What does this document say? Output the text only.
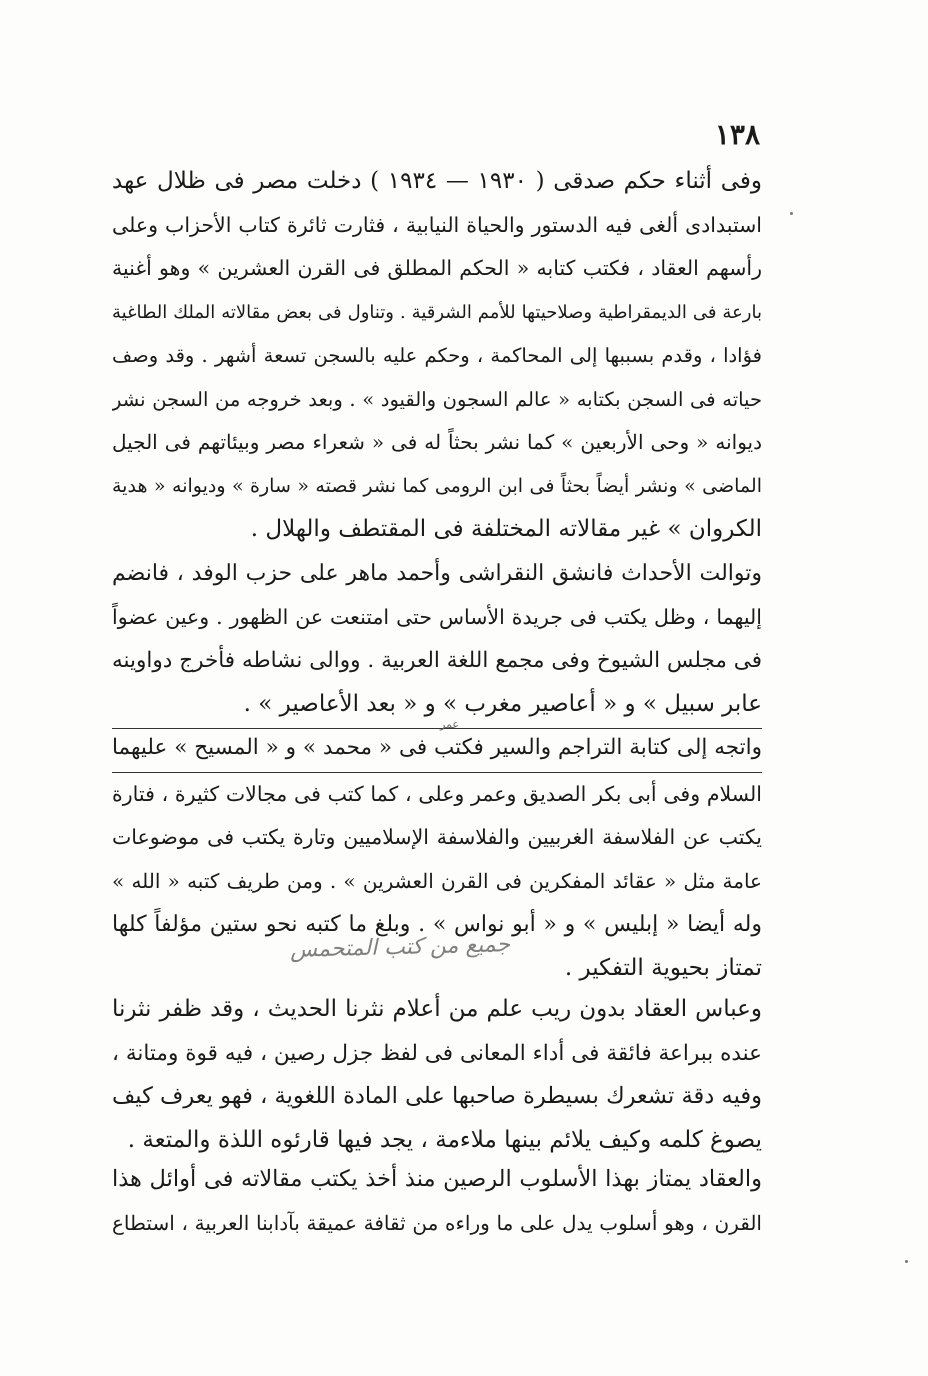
١٣٨
وفى أثناء حكم صدقى ( ١٩٣٠ — ١٩٣٤ ) دخلت مصر فى ظلال عهد
استبدادى ألغى فيه الدستور والحياة النيابية ، فثارت ثائرة كتاب الأحزاب وعلى
رأسهم العقاد ، فكتب كتابه « الحكم المطلق فى القرن العشرين » وهو أغنية
بارعة فى الديمقراطية وصلاحيتها للأمم الشرقية . وتناول فى بعض مقالاته الملك الطاغية
فؤادا ، وقدم بسببها إلى المحاكمة ، وحكم عليه بالسجن تسعة أشهر . وقد وصف
حياته فى السجن بكتابه « عالم السجون والقيود » . وبعد خروجه من السجن نشر
ديوانه « وحى الأربعين » كما نشر بحثاً له فى « شعراء مصر وبيئاتهم فى الجيل
الماضى » ونشر أيضاً بحثاً فى ابن الرومى كما نشر قصته « سارة » وديوانه « هدية
الكروان » غير مقالاته المختلفة فى المقتطف والهلال .
وتوالت الأحداث فانشق النقراشى وأحمد ماهر على حزب الوفد ، فانضم
إليهما ، وظل يكتب فى جريدة الأساس حتى امتنعت عن الظهور . وعين عضواً
فى مجلس الشيوخ وفى مجمع اللغة العربية . ووالى نشاطه فأخرج دواوينه
عابر سبيل » و « أعاصير مغرب » و « بعد الأعاصير » .
عمر
واتجه إلى كتابة التراجم والسير فكتب فى « محمد » و « المسيح » عليهما
السلام وفى أبى بكر الصديق وعمر وعلى ، كما كتب فى مجالات كثيرة ، فتارة
يكتب عن الفلاسفة الغربيين والفلاسفة الإسلاميين وتارة يكتب فى موضوعات
عامة مثل « عقائد المفكرين فى القرن العشرين » . ومن طريف كتبه « الله »
وله أيضا « إبليس » و « أبو نواس » . وبلغ ما كتبه نحو ستين مؤلفاً كلها
تمتاز بحيوية التفكير .
جميع من كتب المتحمس
وعباس العقاد بدون ريب علم من أعلام نثرنا الحديث ، وقد ظفر نثرنا
عنده ببراعة فائقة فى أداء المعانى فى لفظ جزل رصين ، فيه قوة ومتانة ،
وفيه دقة تشعرك بسيطرة صاحبها على المادة اللغوية ، فهو يعرف كيف
يصوغ كلمه وكيف يلائم بينها ملاءمة ، يجد فيها قارئوه اللذة والمتعة .
والعقاد يمتاز بهذا الأسلوب الرصين منذ أخذ يكتب مقالاته فى أوائل هذا
القرن ، وهو أسلوب يدل على ما وراءه من ثقافة عميقة بآدابنا العربية ، استطاع
